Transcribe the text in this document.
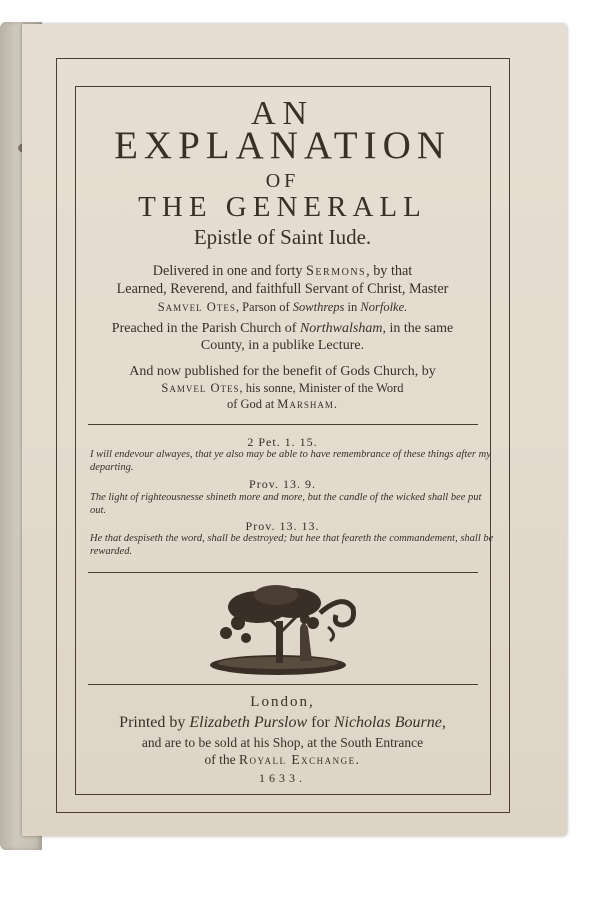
AN
EXPLANATION
OF
THE GENERALL
Epistle of Saint Iude.
Delivered in one and forty Sermons, by that
Learned, Reverend, and faithfull Servant of Christ, Master
Samvel Otes, Parson of Sowthreps in Norfolke.
Preached in the Parish Church of Northwalsham, in the same
County, in a publike Lecture.
And now published for the benefit of Gods Church, by
Samvel Otes, his sonne, Minister of the Word
of God at Marsham.
2 Pet. 1. 15.
I will endevour alwayes, that ye also may be able to have remembrance of these things after my departing.
Prov. 13. 9.
The light of righteousnesse shineth more and more, but the candle of the wicked shall bee put out.
Prov. 13. 13.
He that despiseth the word, shall be destroyed; but hee that feareth the commandement, shall be rewarded.
London,
Printed by Elizabeth Purslow for Nicholas Bourne,
and are to be sold at his Shop, at the South Entrance
of the Royall Exchange.
1633.
